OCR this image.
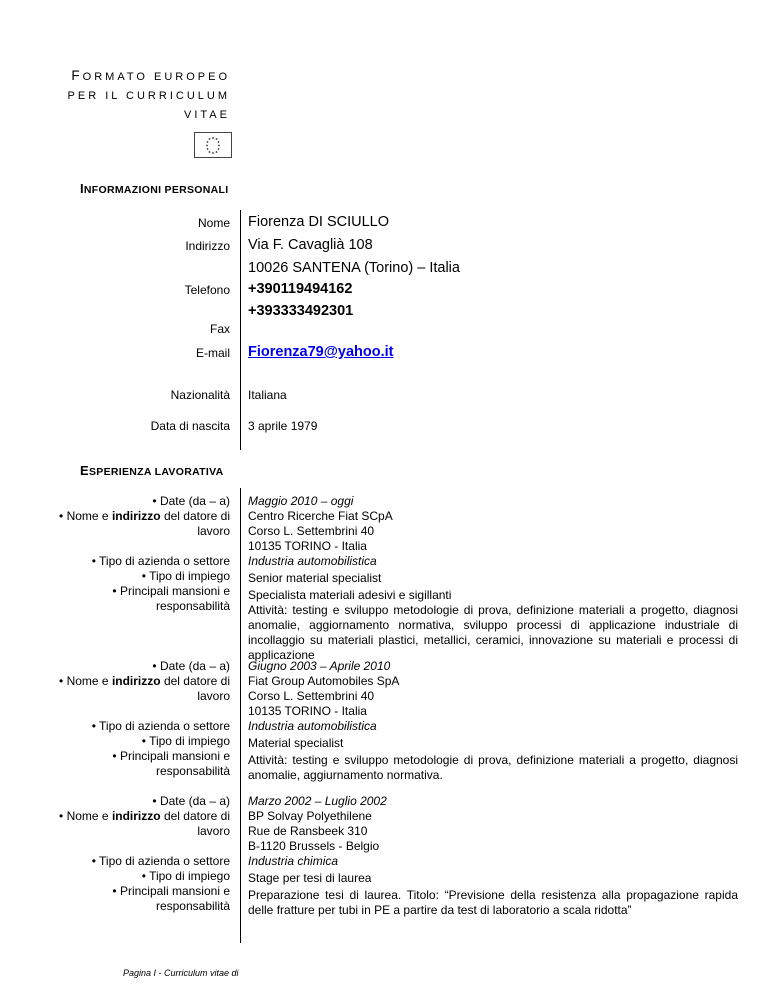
FORMATO EUROPEO
PER IL CURRICULUM
VITAE
INFORMAZIONI PERSONALI
Nome Fiorenza DI SCIULLO
Indirizzo Via F. Cavaglià 108
10026 SANTENA (Torino) – Italia
Telefono +390119494162
+393333492301
Fax
E-mail Fiorenza79@yahoo.it
Nazionalità Italiana
Data di nascita 3 aprile 1979
ESPERIENZA LAVORATIVA
• Date (da – a)
• Nome e indirizzo del datore di
lavoro
• Tipo di azienda o settore
• Tipo di impiego
• Principali mansioni e responsabilità
Maggio 2010 – oggi
Centro Ricerche Fiat SCpA
Corso L. Settembrini 40
10135 TORINO - Italia
Industria automobilistica
Senior material specialist
Specialista materiali adesivi e sigillanti
Attività: testing e sviluppo metodologie di prova, definizione materiali a progetto, diagnosi anomalie, aggiornamento normativa, sviluppo processi di applicazione industriale di incollaggio su materiali plastici, metallici, ceramici, innovazione su materiali e processi di applicazione
• Date (da – a)
• Nome e indirizzo del datore di
lavoro
• Tipo di azienda o settore
• Tipo di impiego
• Principali mansioni e responsabilità
Giugno 2003 – Aprile 2010
Fiat Group Automobiles SpA
Corso L. Settembrini 40
10135 TORINO - Italia
Industria automobilistica
Material specialist
Attività: testing e sviluppo metodologie di prova, definizione materiali a progetto, diagnosi anomalie, aggiurnamento normativa.
• Date (da – a)
• Nome e indirizzo del datore di
lavoro
• Tipo di azienda o settore
• Tipo di impiego
• Principali mansioni e responsabilità
Marzo 2002 – Luglio 2002
BP Solvay Polyethilene
Rue de Ransbeek 310
B-1120 Brussels - Belgio
Industria chimica
Stage per tesi di laurea
Preparazione tesi di laurea. Titolo: “Previsione della resistenza alla propagazione rapida delle fratture per tubi in PE a partire da test di laboratorio a scala ridotta”
Pagina I - Curriculum vitae di
